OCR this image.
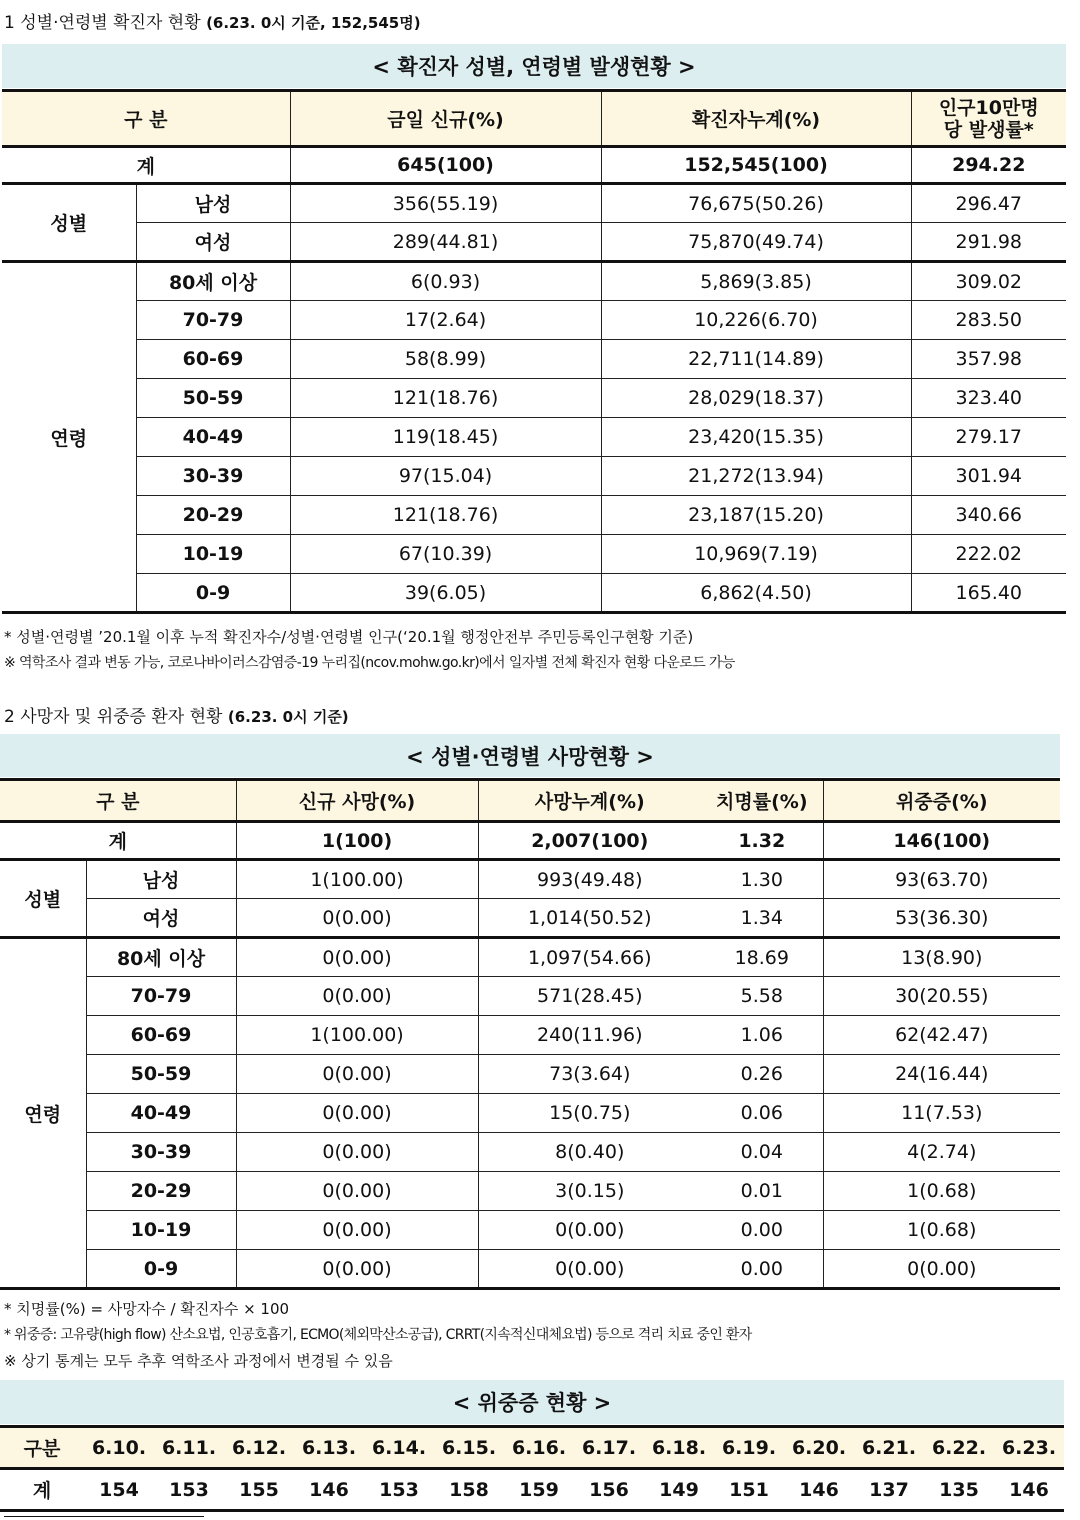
1 성별·연령별 확진자 현황 (6.23. 0시 기준, 152,545명)
< 확진자 성별, 연령별 발생현황 >
구 분		금일 신규(%)	확진자누계(%)	인구10만명당 발생률*
계		645(100)	152,545(100)	294.22
성별	남성	356(55.19)	76,675(50.26)	296.47
	여성	289(44.81)	75,870(49.74)	291.98
연령	80세 이상	6(0.93)	5,869(3.85)	309.02
	70-79	17(2.64)	10,226(6.70)	283.50
	60-69	58(8.99)	22,711(14.89)	357.98
	50-59	121(18.76)	28,029(18.37)	323.40
	40-49	119(18.45)	23,420(15.35)	279.17
	30-39	97(15.04)	21,272(13.94)	301.94
	20-29	121(18.76)	23,187(15.20)	340.66
	10-19	67(10.39)	10,969(7.19)	222.02
	0-9	39(6.05)	6,862(4.50)	165.40
* 성별·연령별 ’20.1월 이후 누적 확진자수/성별·연령별 인구(‘20.1월 행정안전부 주민등록인구현황 기준)
※ 역학조사 결과 변동 가능, 코로나바이러스감염증-19 누리집(ncov.mohw.go.kr)에서 일자별 전체 확진자 현황 다운로드 가능
2 사망자 및 위중증 환자 현황 (6.23. 0시 기준)
< 성별·연령별 사망현황 >
구 분		신규 사망(%)	사망누계(%)	치명률(%)	위중증(%)
계		1(100)	2,007(100)	1.32	146(100)
성별	남성	1(100.00)	993(49.48)	1.30	93(63.70)
	여성	0(0.00)	1,014(50.52)	1.34	53(36.30)
연령	80세 이상	0(0.00)	1,097(54.66)	18.69	13(8.90)
	70-79	0(0.00)	571(28.45)	5.58	30(20.55)
	60-69	1(100.00)	240(11.96)	1.06	62(42.47)
	50-59	0(0.00)	73(3.64)	0.26	24(16.44)
	40-49	0(0.00)	15(0.75)	0.06	11(7.53)
	30-39	0(0.00)	8(0.40)	0.04	4(2.74)
	20-29	0(0.00)	3(0.15)	0.01	1(0.68)
	10-19	0(0.00)	0(0.00)	0.00	1(0.68)
	0-9	0(0.00)	0(0.00)	0.00	0(0.00)
* 치명률(%) = 사망자수 / 확진자수 × 100
* 위중증: 고유량(high flow) 산소요법, 인공호흡기, ECMO(체외막산소공급), CRRT(지속적신대체요법) 등으로 격리 치료 중인 환자
※ 상기 통계는 모두 추후 역학조사 과정에서 변경될 수 있음
< 위중증 현황 >
구분	6.10.	6.11.	6.12.	6.13.	6.14.	6.15.	6.16.	6.17.	6.18.	6.19.	6.20.	6.21.	6.22.	6.23.
계	154	153	155	146	153	158	159	156	149	151	146	137	135	146
